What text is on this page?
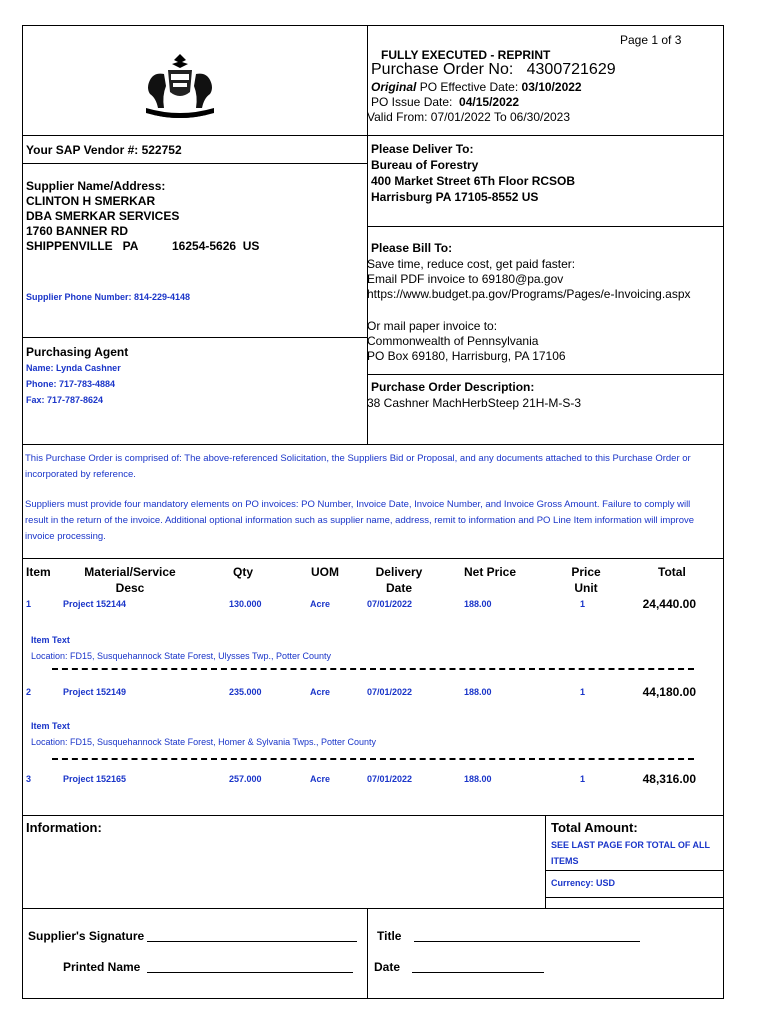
Page 1 of 3
FULLY EXECUTED - REPRINT
Purchase Order No: 4300721629
Original PO Effective Date: 03/10/2022
PO Issue Date: 04/15/2022
Valid From: 07/01/2022 To 06/30/2023
Your SAP Vendor #: 522752
Supplier Name/Address:
CLINTON H SMERKAR
DBA SMERKAR SERVICES
1760 BANNER RD
SHIPPENVILLE   PA	16254-5626  US
Supplier Phone Number: 814-229-4148
Purchasing Agent
Name: Lynda Cashner
Phone: 717-783-4884
Fax: 717-787-8624
Please Deliver To:
Bureau of Forestry
400 Market Street 6Th Floor RCSOB
Harrisburg PA 17105-8552 US
Please Bill To:
Save time, reduce cost, get paid faster:
Email PDF invoice to 69180@pa.gov
https://www.budget.pa.gov/Programs/Pages/e-Invoicing.aspx
Or mail paper invoice to:
Commonwealth of Pennsylvania
PO Box 69180, Harrisburg, PA 17106
Purchase Order Description:
38 Cashner MachHerbSteep 21H-M-S-3
This Purchase Order is comprised of: The above-referenced Solicitation, the Suppliers Bid or Proposal, and any documents attached to this Purchase Order or incorporated by reference.
Suppliers must provide four mandatory elements on PO invoices: PO Number, Invoice Date, Invoice Number, and Invoice Gross Amount. Failure to comply will result in the return of the invoice. Additional optional information such as supplier name, address, remit to information and PO Line Item information will improve invoice processing.
Item	Material/Service
Desc
Qty	UOM	Delivery
Date
Net Price	Price
Unit
Total
1	Project 152144	130.000	Acre	07/01/2022	188.00	1	24,440.00
Item Text
Location: FD15, Susquehannock State Forest, Ulysses Twp., Potter County
2	Project 152149	235.000	Acre	07/01/2022	188.00	1	44,180.00
Item Text
Location: FD15, Susquehannock State Forest, Homer & Sylvania Twps., Potter County
3	Project 152165	257.000	Acre	07/01/2022	188.00	1	48,316.00
Information:	Total Amount:
SEE LAST PAGE FOR TOTAL OF ALL ITEMS
Currency: USD
Supplier's Signature
Printed Name
Title
Date
